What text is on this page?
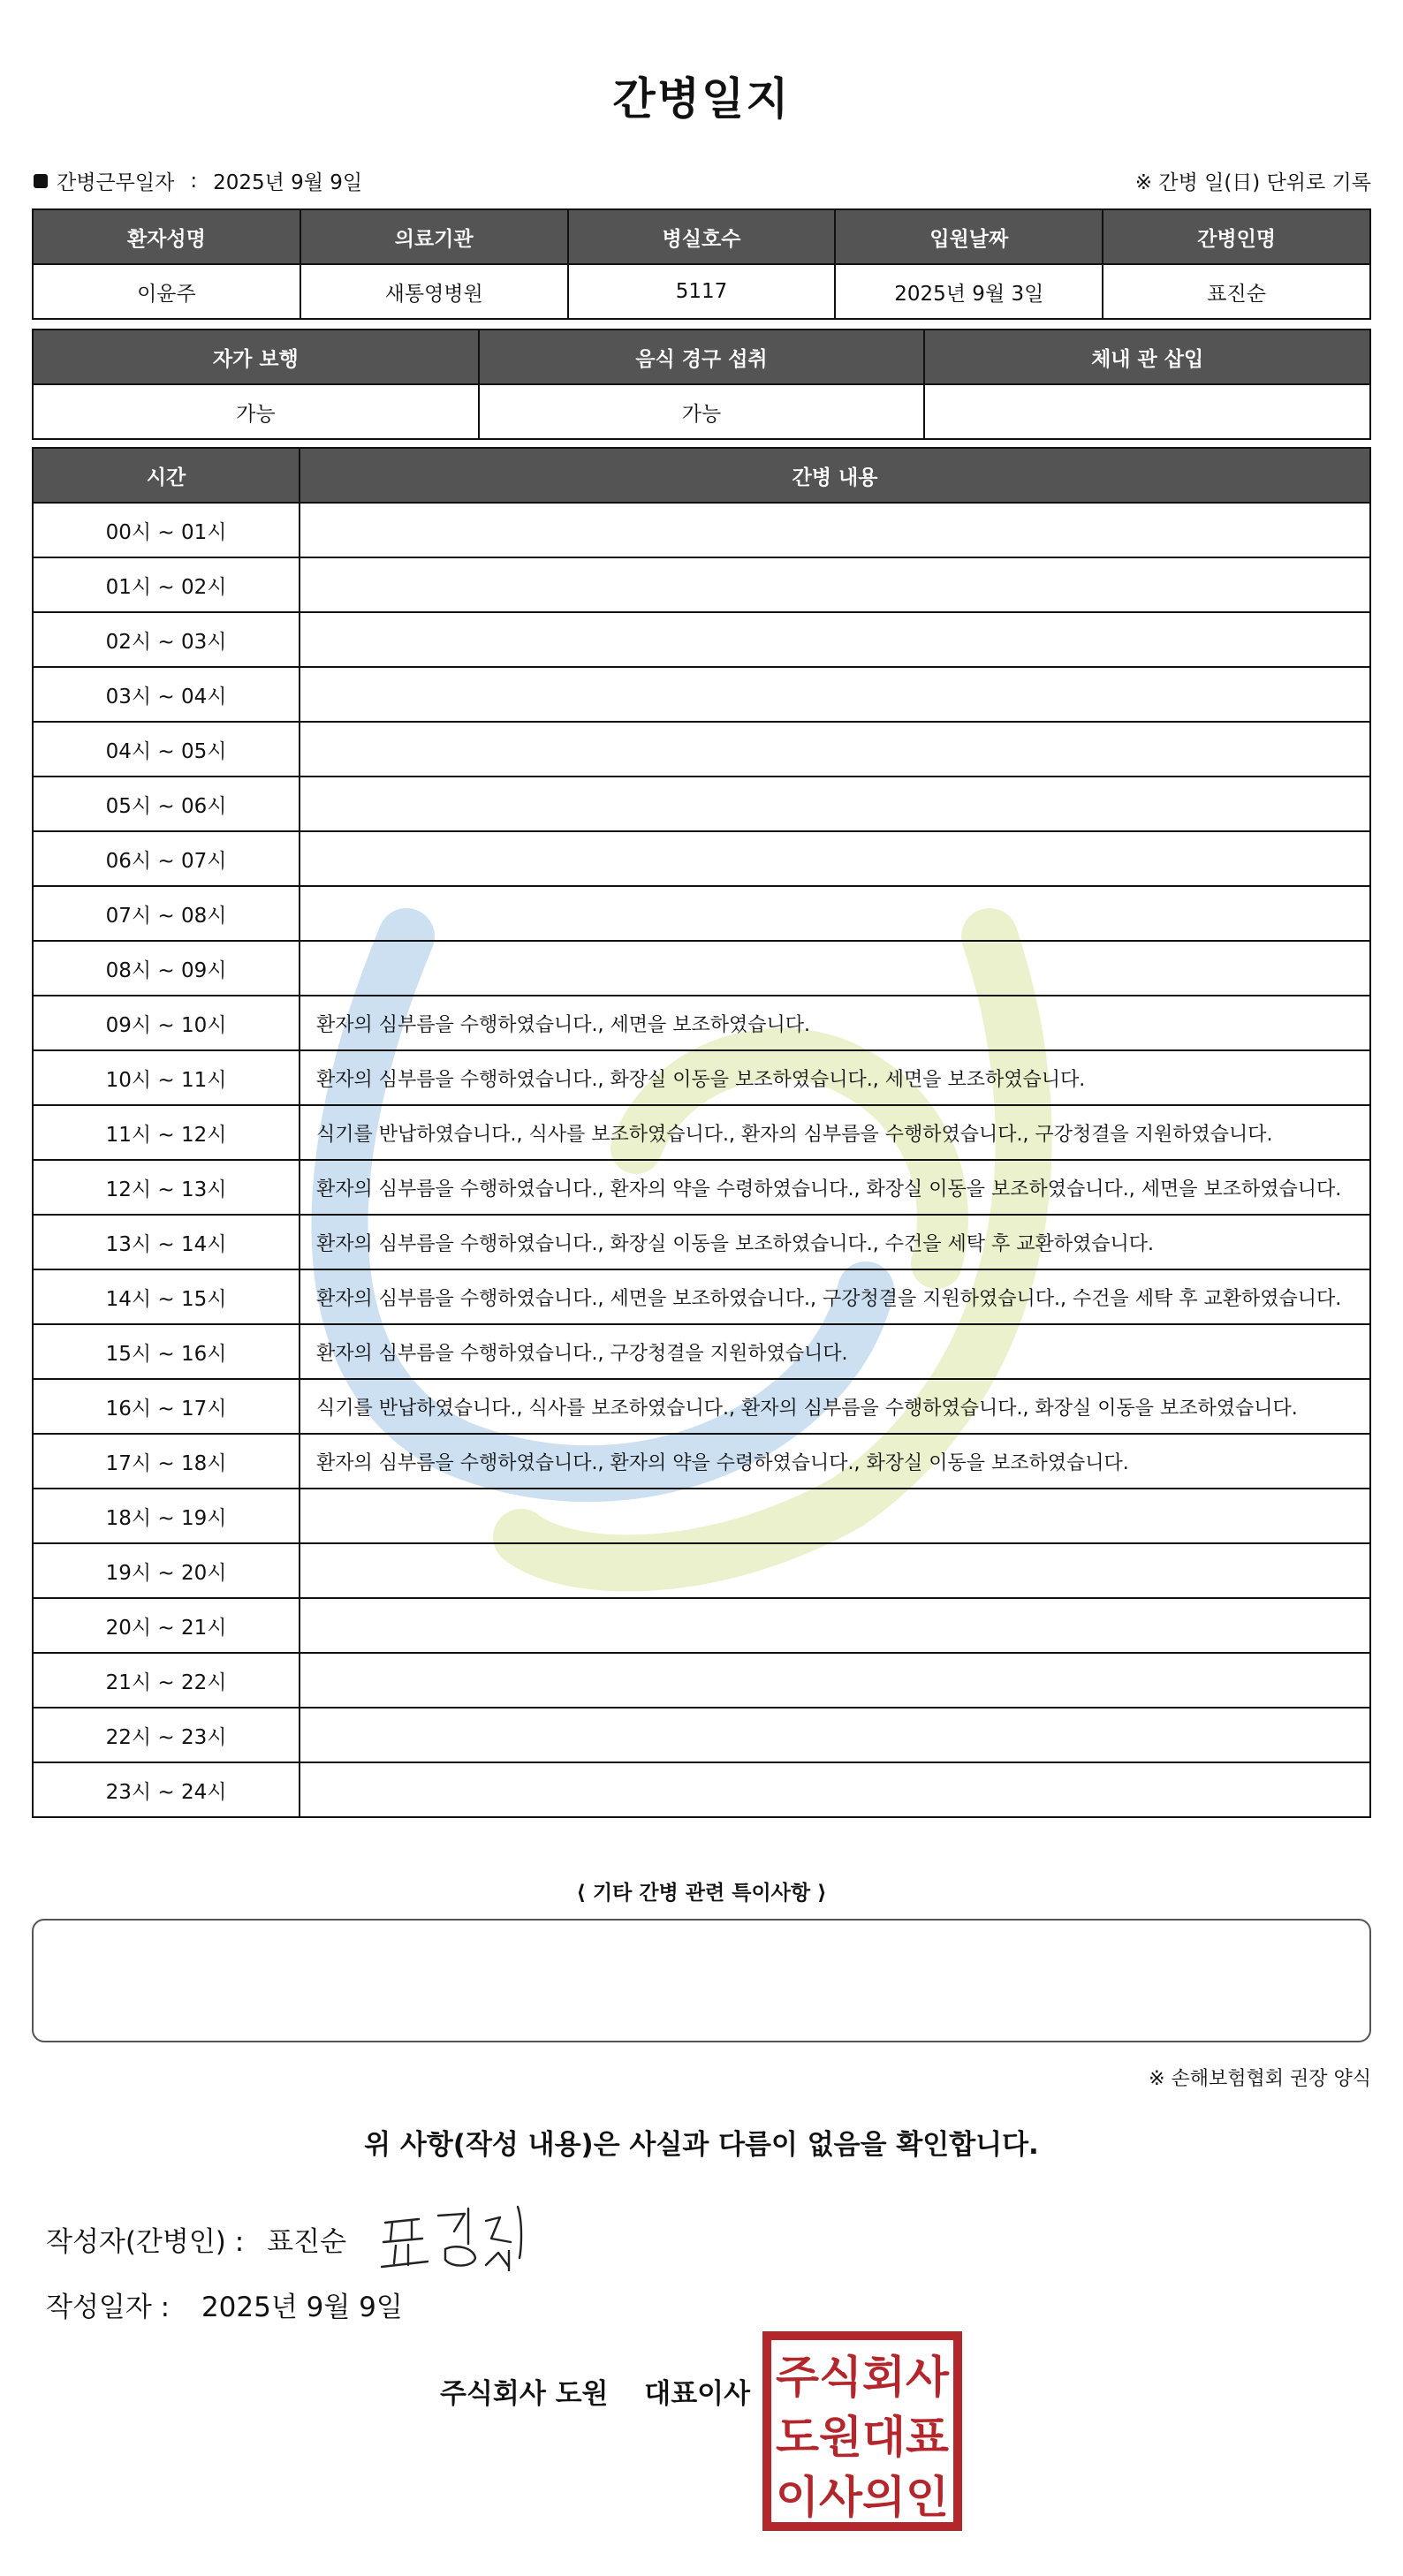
간병일지
간병근무일자 : 2025년 9월 9일	※ 간병 일(日) 단위로 기록
환자성명	의료기관	병실호수	입원날짜	간병인명
이윤주	새통영병원	5117	2025년 9월 3일	표진순
자가 보행	음식 경구 섭취	체내 관 삽입
가능	가능	
시간	간병 내용
00시 ~ 01시	
01시 ~ 02시	
02시 ~ 03시	
03시 ~ 04시	
04시 ~ 05시	
05시 ~ 06시	
06시 ~ 07시	
07시 ~ 08시	
08시 ~ 09시	
09시 ~ 10시	환자의 심부름을 수행하였습니다., 세면을 보조하였습니다.
10시 ~ 11시	환자의 심부름을 수행하였습니다., 화장실 이동을 보조하였습니다., 세면을 보조하였습니다.
11시 ~ 12시	식기를 반납하였습니다., 식사를 보조하였습니다., 환자의 심부름을 수행하였습니다., 구강청결을 지원하였습니다.
12시 ~ 13시	환자의 심부름을 수행하였습니다., 환자의 약을 수령하였습니다., 화장실 이동을 보조하였습니다., 세면을 보조하였습니다.
13시 ~ 14시	환자의 심부름을 수행하였습니다., 화장실 이동을 보조하였습니다., 수건을 세탁 후 교환하였습니다.
14시 ~ 15시	환자의 심부름을 수행하였습니다., 세면을 보조하였습니다., 구강청결을 지원하였습니다., 수건을 세탁 후 교환하였습니다.
15시 ~ 16시	환자의 심부름을 수행하였습니다., 구강청결을 지원하였습니다.
16시 ~ 17시	식기를 반납하였습니다., 식사를 보조하였습니다., 환자의 심부름을 수행하였습니다., 화장실 이동을 보조하였습니다.
17시 ~ 18시	환자의 심부름을 수행하였습니다., 환자의 약을 수령하였습니다., 화장실 이동을 보조하였습니다.
18시 ~ 19시	
19시 ~ 20시	
20시 ~ 21시	
21시 ~ 22시	
22시 ~ 23시	
23시 ~ 24시	
⟨ 기타 간병 관련 특이사항 ⟩
※ 손해보험협회 권장 양식
위 사항(작성 내용)은 사실과 다름이 없음을 확인합니다.
작성자(간병인) : 표진순
작성일자 : 2025년 9월 9일
주식회사 도원 대표이사 주식회사
도원대표
이사의인
